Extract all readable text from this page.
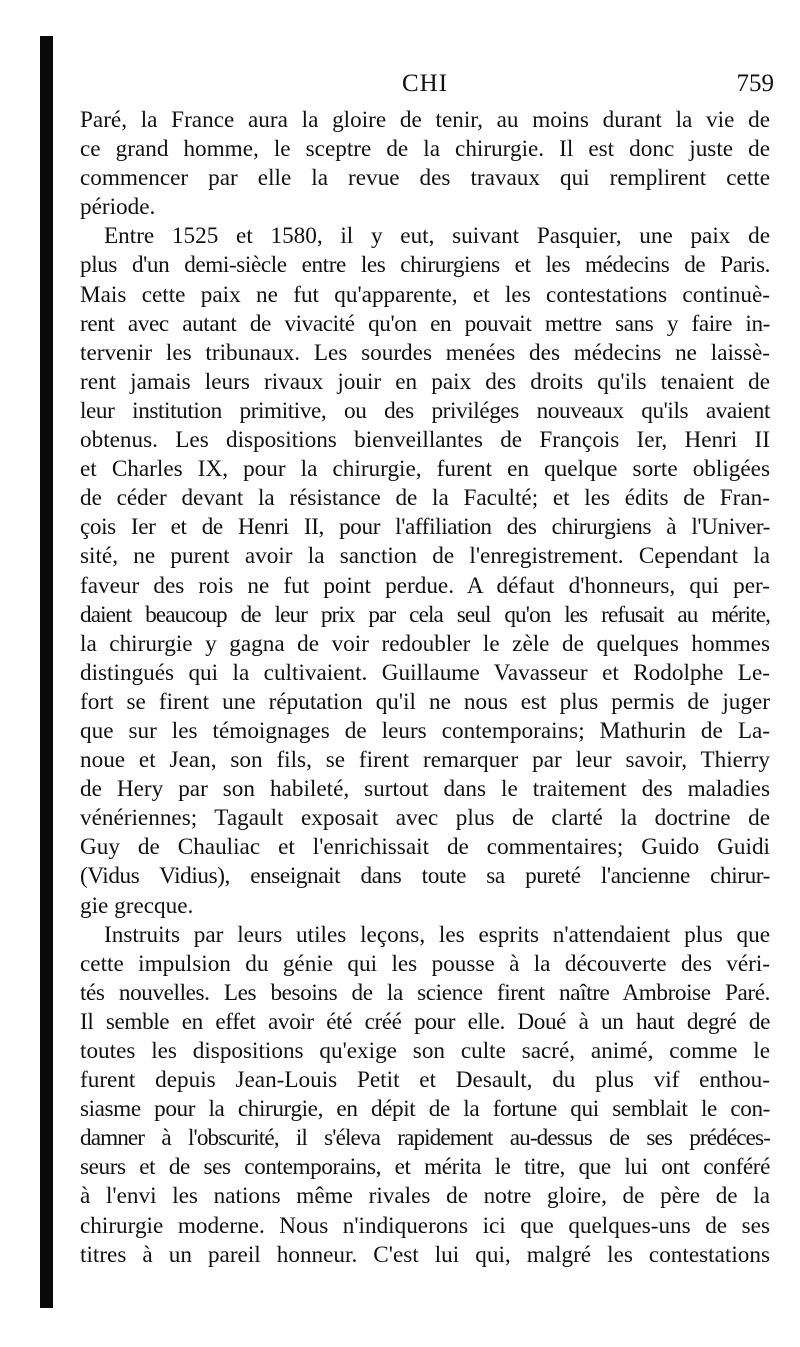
CHI	759
Paré, la France aura la gloire de tenir, au moins durant la vie de
ce grand homme, le sceptre de la chirurgie. Il est donc juste de
commencer par elle la revue des travaux qui remplirent cette
période.
Entre 1525 et 1580, il y eut, suivant Pasquier, une paix de
plus d'un demi-siècle entre les chirurgiens et les médecins de Paris.
Mais cette paix ne fut qu'apparente, et les contestations continuè-
rent avec autant de vivacité qu'on en pouvait mettre sans y faire in-
tervenir les tribunaux. Les sourdes menées des médecins ne laissè-
rent jamais leurs rivaux jouir en paix des droits qu'ils tenaient de
leur institution primitive, ou des priviléges nouveaux qu'ils avaient
obtenus. Les dispositions bienveillantes de François Ier, Henri II
et Charles IX, pour la chirurgie, furent en quelque sorte obligées
de céder devant la résistance de la Faculté; et les édits de Fran-
çois Ier et de Henri II, pour l'affiliation des chirurgiens à l'Univer-
sité, ne purent avoir la sanction de l'enregistrement. Cependant la
faveur des rois ne fut point perdue. A défaut d'honneurs, qui per-
daient beaucoup de leur prix par cela seul qu'on les refusait au mérite,
la chirurgie y gagna de voir redoubler le zèle de quelques hommes
distingués qui la cultivaient. Guillaume Vavasseur et Rodolphe Le-
fort se firent une réputation qu'il ne nous est plus permis de juger
que sur les témoignages de leurs contemporains; Mathurin de La-
noue et Jean, son fils, se firent remarquer par leur savoir, Thierry
de Hery par son habileté, surtout dans le traitement des maladies
vénériennes; Tagault exposait avec plus de clarté la doctrine de
Guy de Chauliac et l'enrichissait de commentaires; Guido Guidi
(Vidus Vidius), enseignait dans toute sa pureté l'ancienne chirur-
gie grecque.
Instruits par leurs utiles leçons, les esprits n'attendaient plus que
cette impulsion du génie qui les pousse à la découverte des véri-
tés nouvelles. Les besoins de la science firent naître Ambroise Paré.
Il semble en effet avoir été créé pour elle. Doué à un haut degré de
toutes les dispositions qu'exige son culte sacré, animé, comme le
furent depuis Jean-Louis Petit et Desault, du plus vif enthou-
siasme pour la chirurgie, en dépit de la fortune qui semblait le con-
damner à l'obscurité, il s'éleva rapidement au-dessus de ses prédéces-
seurs et de ses contemporains, et mérita le titre, que lui ont conféré
à l'envi les nations même rivales de notre gloire, de père de la
chirurgie moderne. Nous n'indiquerons ici que quelques-uns de ses
titres à un pareil honneur. C'est lui qui, malgré les contestations
